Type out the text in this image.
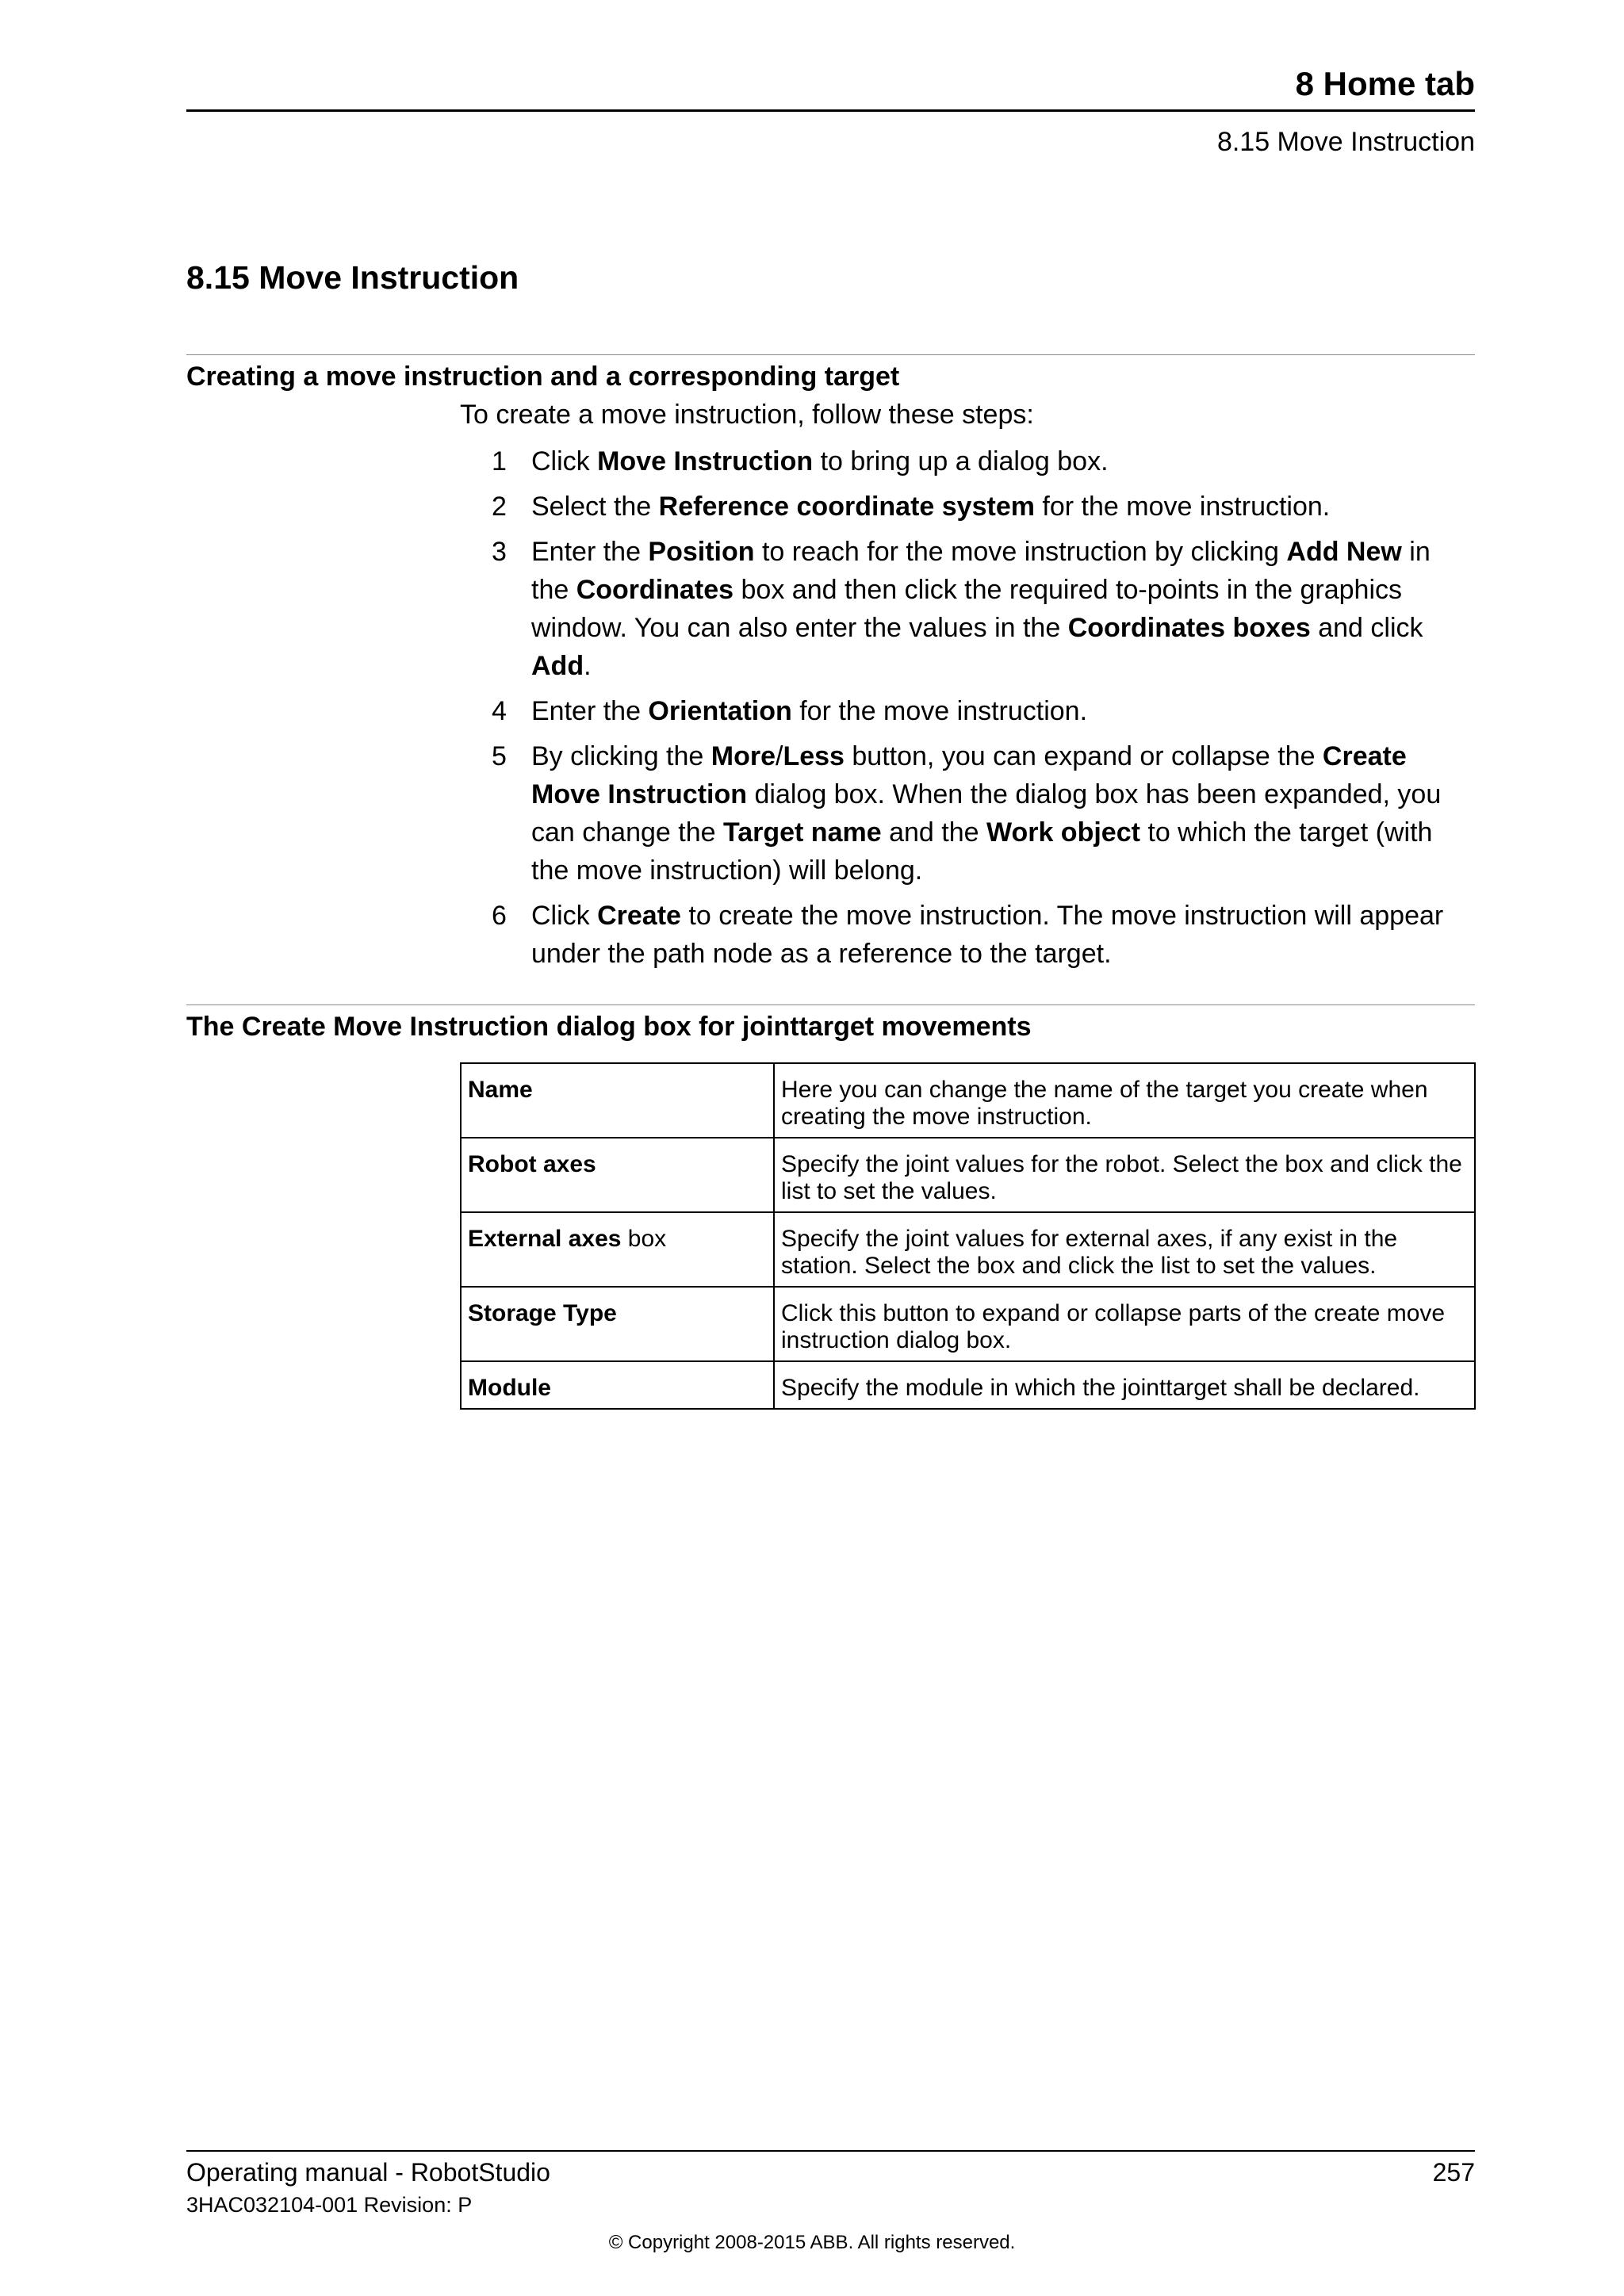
8 Home tab
8.15 Move Instruction
8.15 Move Instruction
Creating a move instruction and a corresponding target
To create a move instruction, follow these steps:
1 Click Move Instruction to bring up a dialog box.
2 Select the Reference coordinate system for the move instruction.
3 Enter the Position to reach for the move instruction by clicking Add New in the Coordinates box and then click the required to-points in the graphics window. You can also enter the values in the Coordinates boxes and click Add.
4 Enter the Orientation for the move instruction.
5 By clicking the More/Less button, you can expand or collapse the Create Move Instruction dialog box. When the dialog box has been expanded, you can change the Target name and the Work object to which the target (with the move instruction) will belong.
6 Click Create to create the move instruction. The move instruction will appear under the path node as a reference to the target.
The Create Move Instruction dialog box for jointtarget movements
Name	Here you can change the name of the target you create when creating the move instruction.
Robot axes	Specify the joint values for the robot. Select the box and click the list to set the values.
External axes box	Specify the joint values for external axes, if any exist in the station. Select the box and click the list to set the values.
Storage Type	Click this button to expand or collapse parts of the create move instruction dialog box.
Module	Specify the module in which the jointtarget shall be declared.
Operating manual - RobotStudio	257
3HAC032104-001 Revision: P
© Copyright 2008-2015 ABB. All rights reserved.
